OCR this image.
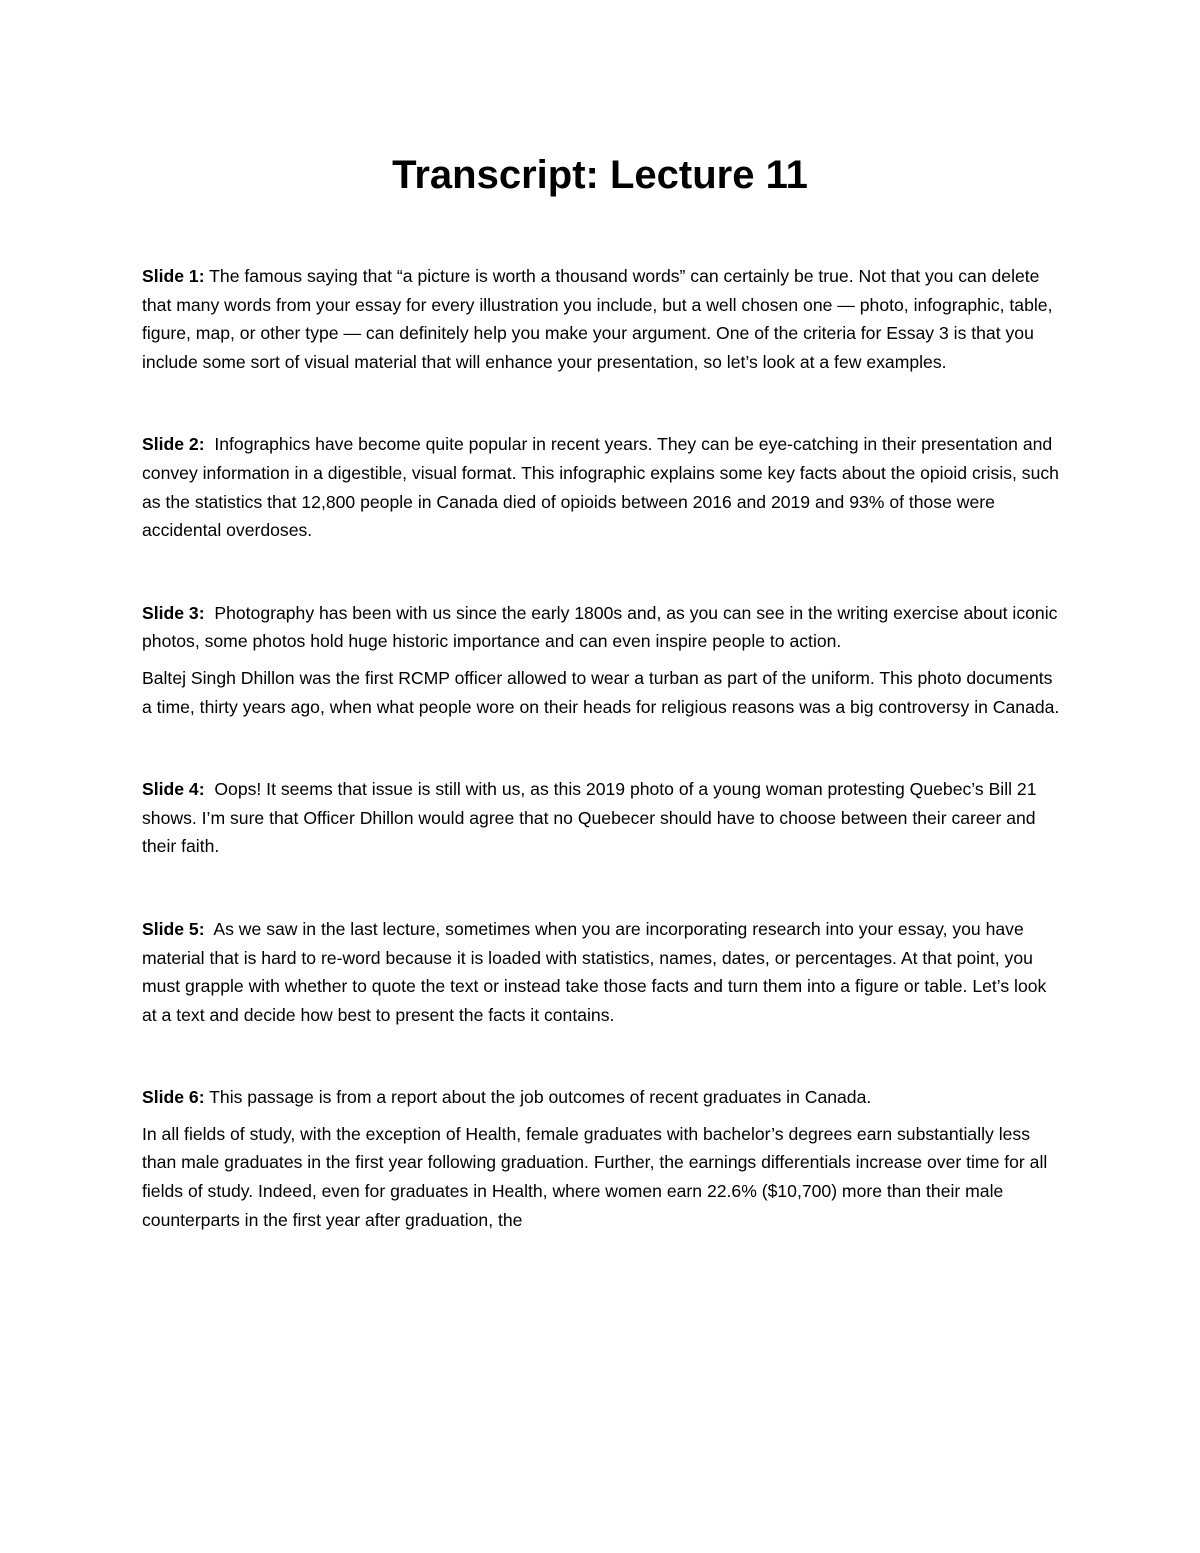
Transcript: Lecture 11

Slide 1: The famous saying that “a picture is worth a thousand words” can certainly be true. Not that you can delete that many words from your essay for every illustration you include, but a well chosen one — photo, infographic, table, figure, map, or other type — can definitely help you make your argument. One of the criteria for Essay 3 is that you include some sort of visual material that will enhance your presentation, so let’s look at a few examples.

Slide 2: Infographics have become quite popular in recent years. They can be eye-catching in their presentation and convey information in a digestible, visual format. This infographic explains some key facts about the opioid crisis, such as the statistics that 12,800 people in Canada died of opioids between 2016 and 2019 and 93% of those were accidental overdoses.

Slide 3: Photography has been with us since the early 1800s and, as you can see in the writing exercise about iconic photos, some photos hold huge historic importance and can even inspire people to action.

Baltej Singh Dhillon was the first RCMP officer allowed to wear a turban as part of the uniform. This photo documents a time, thirty years ago, when what people wore on their heads for religious reasons was a big controversy in Canada.

Slide 4: Oops! It seems that issue is still with us, as this 2019 photo of a young woman protesting Quebec’s Bill 21 shows. I’m sure that Officer Dhillon would agree that no Quebecer should have to choose between their career and their faith.

Slide 5: As we saw in the last lecture, sometimes when you are incorporating research into your essay, you have material that is hard to re-word because it is loaded with statistics, names, dates, or percentages. At that point, you must grapple with whether to quote the text or instead take those facts and turn them into a figure or table. Let’s look at a text and decide how best to present the facts it contains.

Slide 6: This passage is from a report about the job outcomes of recent graduates in Canada.

In all fields of study, with the exception of Health, female graduates with bachelor’s degrees earn substantially less than male graduates in the first year following graduation. Further, the earnings differentials increase over time for all fields of study. Indeed, even for graduates in Health, where women earn 22.6% ($10,700) more than their male counterparts in the first year after graduation, the
